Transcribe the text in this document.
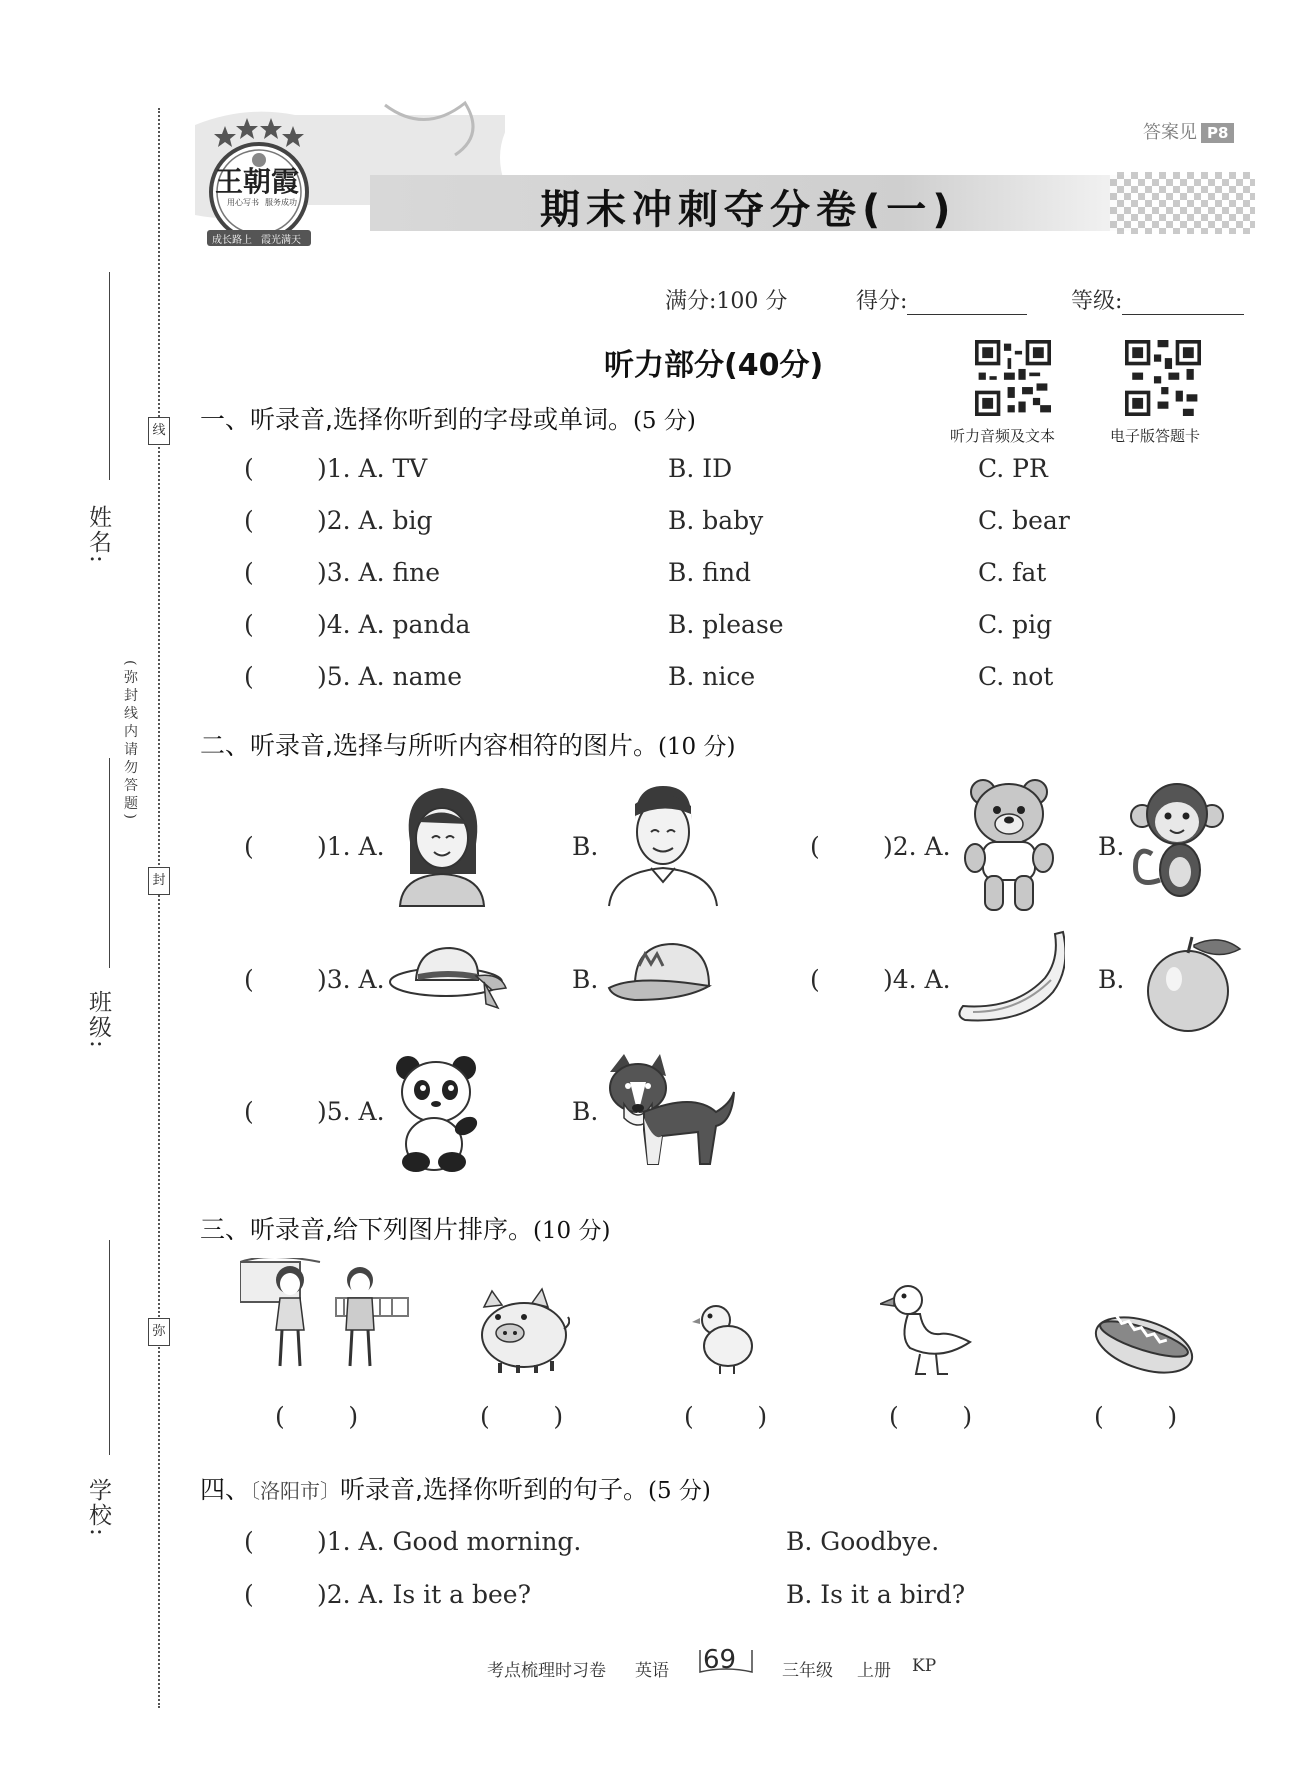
姓名:
班级:
学校:
线
封
弥
(弥封线内请勿答题)
答案见 P8
王朝霞
用心写书 服务成功
成长路上 霞光满天
期末冲刺夺分卷(一)
满分:100 分	得分:	等级:
听力部分(40分)
听力音频及文本	电子版答题卡
一、听录音,选择你听到的字母或单词。(5 分)
(	)1. A. TV	B. ID	C. PR
(	)2. A. big	B. baby	C. bear
(	)3. A. fine	B. find	C. fat
(	)4. A. panda	B. please	C. pig
(	)5. A. name	B. nice	C. not
二、听录音,选择与所听内容相符的图片。(10 分)
(	)1. A.	B.	(	)2. A.	B.
(	)3. A.	B.	(	)4. A.	B.
(	)5. A.	B.
三、听录音,给下列图片排序。(10 分)
(        )	(        )	(        )	(        )	(        )
四、〔洛阳市〕听录音,选择你听到的句子。(5 分)
(	)1. A. Good morning.	B. Goodbye.
(	)2. A. Is it a bee?	B. Is it a bird?
考点梳理时习卷 英语 69	三年级 上册 KP
